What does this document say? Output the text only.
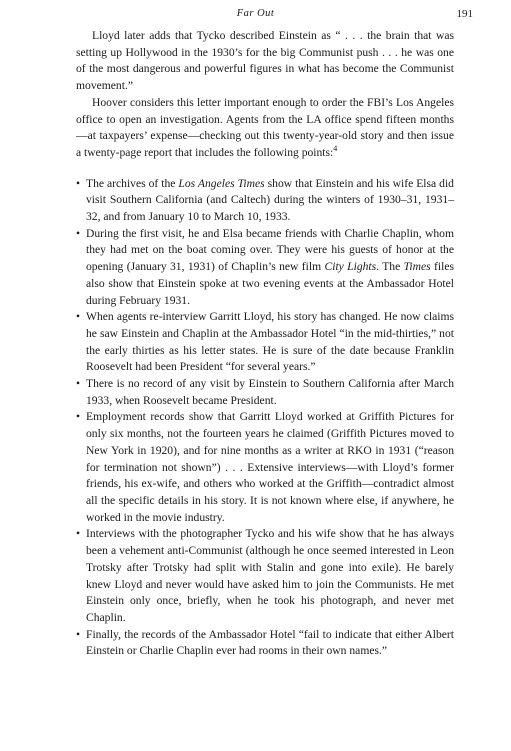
Far Out	191

Lloyd later adds that Tycko described Einstein as “ . . . the brain that was setting up Hollywood in the 1930’s for the big Communist push . . . he was one of the most dangerous and powerful figures in what has become the Communist movement.”

Hoover considers this letter important enough to order the FBI’s Los Angeles office to open an investigation. Agents from the LA office spend fifteen months—at taxpayers’ expense—checking out this twenty-year-old story and then issue a twenty-page report that includes the following points:$^4$

• The archives of the Los Angeles Times show that Einstein and his wife Elsa did visit Southern California (and Caltech) during the winters of 1930–31, 1931–32, and from January 10 to March 10, 1933.
• During the first visit, he and Elsa became friends with Charlie Chaplin, whom they had met on the boat coming over. They were his guests of honor at the opening (January 31, 1931) of Chaplin’s new film City Lights. The Times files also show that Einstein spoke at two evening events at the Ambassador Hotel during February 1931.
• When agents re-interview Garritt Lloyd, his story has changed. He now claims he saw Einstein and Chaplin at the Ambassador Hotel “in the mid-thirties,” not the early thirties as his letter states. He is sure of the date because Franklin Roosevelt had been President “for several years.”
• There is no record of any visit by Einstein to Southern California after March 1933, when Roosevelt became President.
• Employment records show that Garritt Lloyd worked at Griffith Pictures for only six months, not the fourteen years he claimed (Griffith Pictures moved to New York in 1920), and for nine months as a writer at RKO in 1931 (“reason for termination not shown”) . . . Extensive interviews—with Lloyd’s former friends, his ex-wife, and others who worked at the Griffith—contradict almost all the specific details in his story. It is not known where else, if anywhere, he worked in the movie industry.
• Interviews with the photographer Tycko and his wife show that he has always been a vehement anti-Communist (although he once seemed interested in Leon Trotsky after Trotsky had split with Stalin and gone into exile). He barely knew Lloyd and never would have asked him to join the Communists. He met Einstein only once, briefly, when he took his photograph, and never met Chaplin.
• Finally, the records of the Ambassador Hotel “fail to indicate that either Albert Einstein or Charlie Chaplin ever had rooms in their own names.”
